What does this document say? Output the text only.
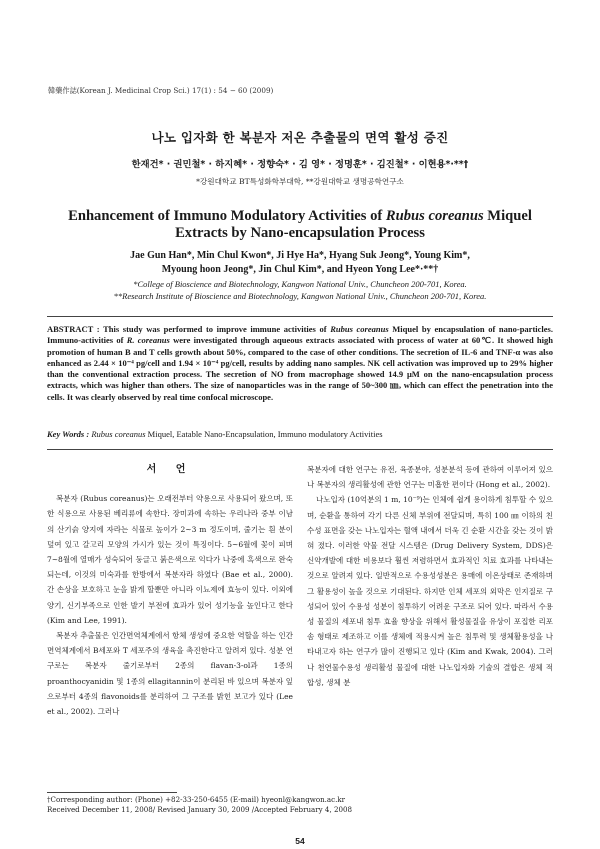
韓藥作誌(Korean J. Medicinal Crop Sci.) 17(1) : 54 − 60 (2009)
나노 입자화 한 복분자 저온 추출물의 면역 활성 증진
한재건* · 권민철* · 하지혜* · 정향숙* · 김 영* · 정명훈* · 김진철* · 이현용*·**†
*강원대학교 BT특성화학부대학, **강원대학교 생명공학연구소
Enhancement of Immuno Modulatory Activities of Rubus coreanus Miquel Extracts by Nano-encapsulation Process
Jae Gun Han*, Min Chul Kwon*, Ji Hye Ha*, Hyang Suk Jeong*, Young Kim*,
Myoung hoon Jeong*, Jin Chul Kim*, and Hyeon Yong Lee*·**†
*College of Bioscience and Biotechnology, Kangwon National Univ., Chuncheon 200-701, Korea.
**Research Institute of Bioscience and Biotechnology, Kangwon National Univ., Chuncheon 200-701, Korea.
ABSTRACT : This study was performed to improve immune activities of Rubus coreanus Miquel by encapsulation of nano-particles. Immuno-activities of R. coreanus were investigated through aqueous extracts associated with process of water at 60℃. It showed high promotion of human B and T cells growth about 50%, compared to the case of other conditions. The secretion of IL-6 and TNF-α was also enhanced as 2.44 × 10⁻⁴ pg/cell and 1.94 × 10⁻⁴ pg/cell, results by adding nano samples. NK cell activation was improved up to 29% higher than the conventional extraction process. The secretion of NO from macrophage showed 14.9 μM on the nano-encapsulation process extracts, which was higher than others. The size of nanoparticles was in the range of 50~300 ㎚, which can effect the penetration into the cells. It was clearly observed by real time confocal microscope.
Key Words : Rubus coreanus Miquel, Eatable Nano-Encapsulation, Immuno modulatory Activities
서 언

복분자 (Rubus coreanus)는 오래전부터 약용으로 사용되어 왔으며, 또한 식용으로 사용된 베리류에 속한다. 장미과에 속하는 우리나라 중부 이남의 산기슭 양지에 자라는 식물로 높이가 2~3 m 정도이며, 줄기는 흰 분이 덮여 있고 갈고리 모양의 가시가 있는 것이 특징이다. 5~6월에 꽃이 피며 7~8월에 열매가 성숙되어 둥글고 붉은색으로 익다가 나중에 흑색으로 완숙되는데, 이것의 미숙과를 한방에서 복분자라 하였다 (Bae et al., 2000). 간 손상을 보호하고 눈을 밝게 할뿐만 아니라 이뇨제에 효능이 있다. 이외에 양기, 신기부족으로 인한 발기 부전에 효과가 있어 성기능을 높인다고 한다 (Kim and Lee, 1991).

복분자 추출물은 인간면역체계에서 항체 생성에 중요한 역할을 하는 인간 면역체계에서 B세포와 T 세포주의 생육을 촉진한다고 알려져 있다. 성분 연구로는 복분자 줄기로부터 2종의 flavan-3-ol과 1종의 proanthocyanidin 및 1종의 ellagitannin이 분리된 바 있으며 복분자 잎으로부터 4종의 flavonoids를 분리하여 그 구조를 밝힌 보고가 있다 (Lee et al., 2002). 그러나

복분자에 대한 연구는 유전, 육종분야, 성분분석 등에 관하여 이루어져 있으나 복분자의 생리활성에 관한 연구는 미흡한 편이다 (Hong et al., 2002).

나노입자 (10억분의 1 m, 10⁻⁹)는 인체에 쉽게 용이하게 침투할 수 있으며, 순환을 통하여 각기 다른 신체 부위에 전달되며, 특히 100 ㎚ 이하의 친수성 표면을 갖는 나노입자는 혈액 내에서 더욱 긴 순환 시간을 갖는 것이 밝혀 졌다. 이러한 약물 전달 시스템은 (Drug Delivery System, DDS)은 신약개발에 대한 비용보다 훨씬 저렴하면서 효과적인 치료 효과를 나타내는 것으로 알려져 있다. 일반적으로 수용성성분은 용매에 이온상태로 존재하며 그 활용성이 높을 것으로 기대된다. 하지만 인체 세포의 외막은 인지질로 구성되어 있어 수용성 성분이 침투하기 어려운 구조로 되어 있다. 따라서 수용성 물질의 세포내 침투 효율 향상을 위해서 활성물질을 유상이 포집한 리포솜 형태로 제조하고 이를 생체에 적용시켜 높은 침투력 및 생체활용성을 나타내고자 하는 연구가 많이 진행되고 있다 (Kim and Kwak, 2004). 그러나 천연물수용성 생리활성 물질에 대한 나노입자화 기술의 결합은 생체 적합성, 생체 분

†Corresponding author: (Phone) +82-33-250-6455 (E-mail) hyeonl@kangwon.ac.kr
Received December 11, 2008/ Revised January 30, 2009 /Accepted February 4, 2008
54
